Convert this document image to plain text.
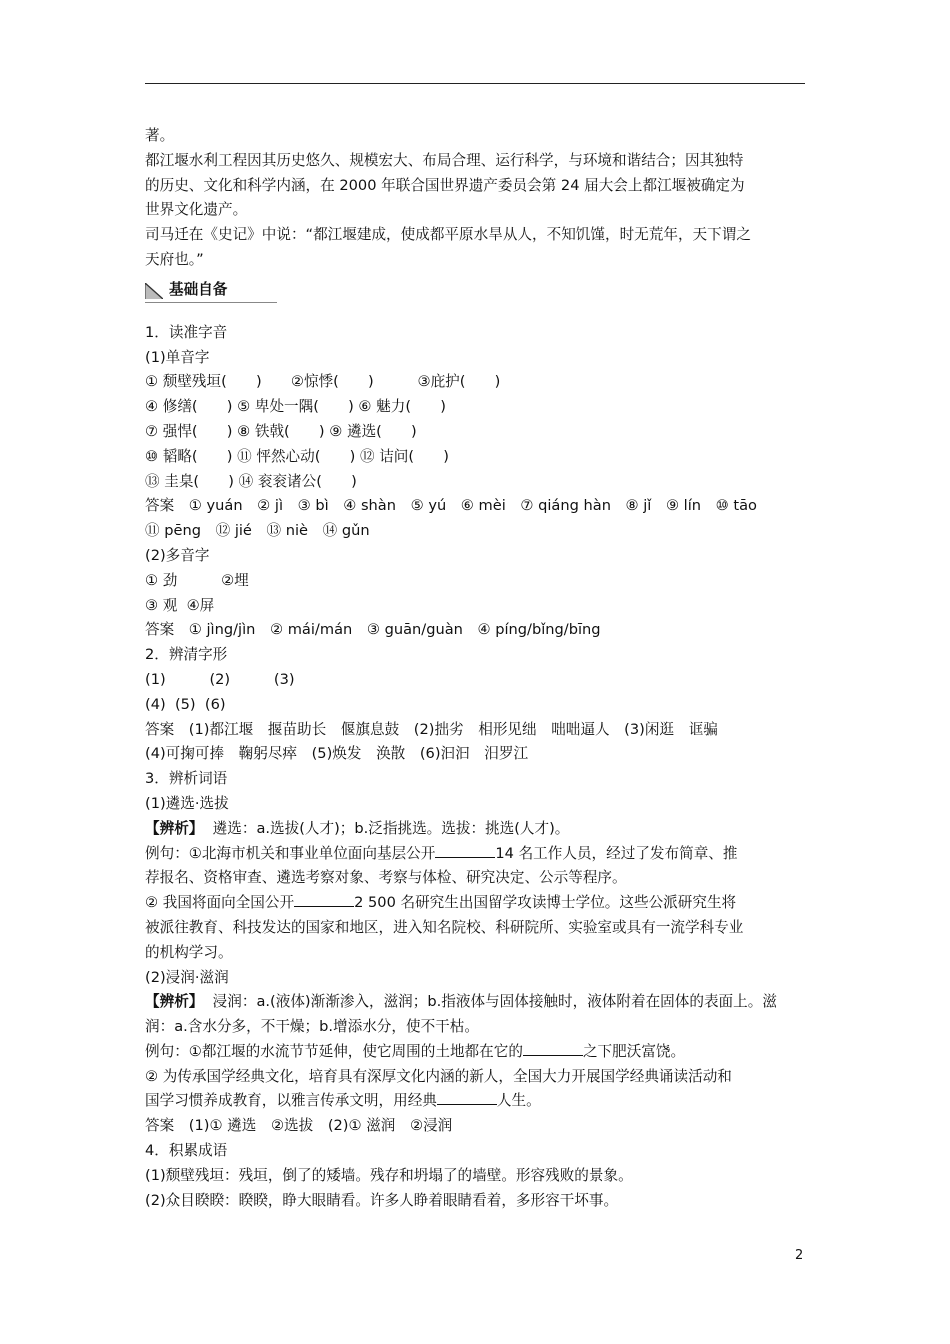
著。
都江堰水利工程因其历史悠久、规模宏大、布局合理、运行科学，与环境和谐结合；因其独特
的历史、文化和科学内涵，在 2000 年联合国世界遗产委员会第 24 届大会上都江堰被确定为
世界文化遗产。
司马迁在《史记》中说：“都江堰建成，使成都平原水旱从人，不知饥馑，时无荒年，天下谓之
天府也。”
基础自备
1．读准字音
(1)单音字
① 颓壁残垣(　　)　　②惊悸(　　)　　　③庇护(　　)
④ 修缮(　　) ⑤ 卑处一隅(　　) ⑥ 魅力(　　)
⑦ 强悍(　　) ⑧ 铁戟(　　) ⑨ 遴选(　　)
⑩ 韬略(　　) ⑪ 怦然心动(　　) ⑫ 诘问(　　)
⑬ 圭臬(　　) ⑭ 衮衮诸公(　　)
答案　① yuán　② jì　③ bì　④ shàn　⑤ yú　⑥ mèi　⑦ qiáng hàn　⑧ jǐ　⑨ lín　⑩ tāo
⑪ pēng　⑫ jié　⑬ niè　⑭ gǔn
(2)多音字
① 劲　　　②埋
③ 观  ④屏
答案　① jìng/jìn　② mái/mán　③ guān/guàn　④ píng/bǐng/bīng
2．辨清字形
(1)　　　(2)　　　(3)
(4)  (5)  (6)
答案　(1)都江堰　揠苗助长　偃旗息鼓　(2)拙劣　相形见绌　咄咄逼人　(3)闲逛　诓骗
(4)可掬可捧　鞠躬尽瘁　(5)焕发　涣散　(6)汩汩　汨罗江
3．辨析词语
(1)遴选·选拔
【辨析】  遴选：a.选拔(人才)；b.泛指挑选。选拔：挑选(人才)。
例句：①北海市机关和事业单位面向基层公开	14 名工作人员，经过了发布简章、推
荐报名、资格审查、遴选考察对象、考察与体检、研究决定、公示等程序。
② 我国将面向全国公开	2 500 名研究生出国留学攻读博士学位。这些公派研究生将
被派往教育、科技发达的国家和地区，进入知名院校、科研院所、实验室或具有一流学科专业
的机构学习。
(2)浸润·滋润
【辨析】  浸润：a.(液体)渐渐渗入，滋润；b.指液体与固体接触时，液体附着在固体的表面上。滋
润：a.含水分多，不干燥；b.增添水分，使不干枯。
例句：①都江堰的水流节节延伸，使它周围的土地都在它的	之下肥沃富饶。
② 为传承国学经典文化，培育具有深厚文化内涵的新人，全国大力开展国学经典诵读活动和
国学习惯养成教育，以雅言传承文明，用经典	人生。
答案　(1)① 遴选　②选拔　(2)① 滋润　②浸润
4．积累成语
(1)颓壁残垣：残垣，倒了的矮墙。残存和坍塌了的墙壁。形容残败的景象。
(2)众目睽睽：睽睽，睁大眼睛看。许多人睁着眼睛看着，多形容干坏事。
2
